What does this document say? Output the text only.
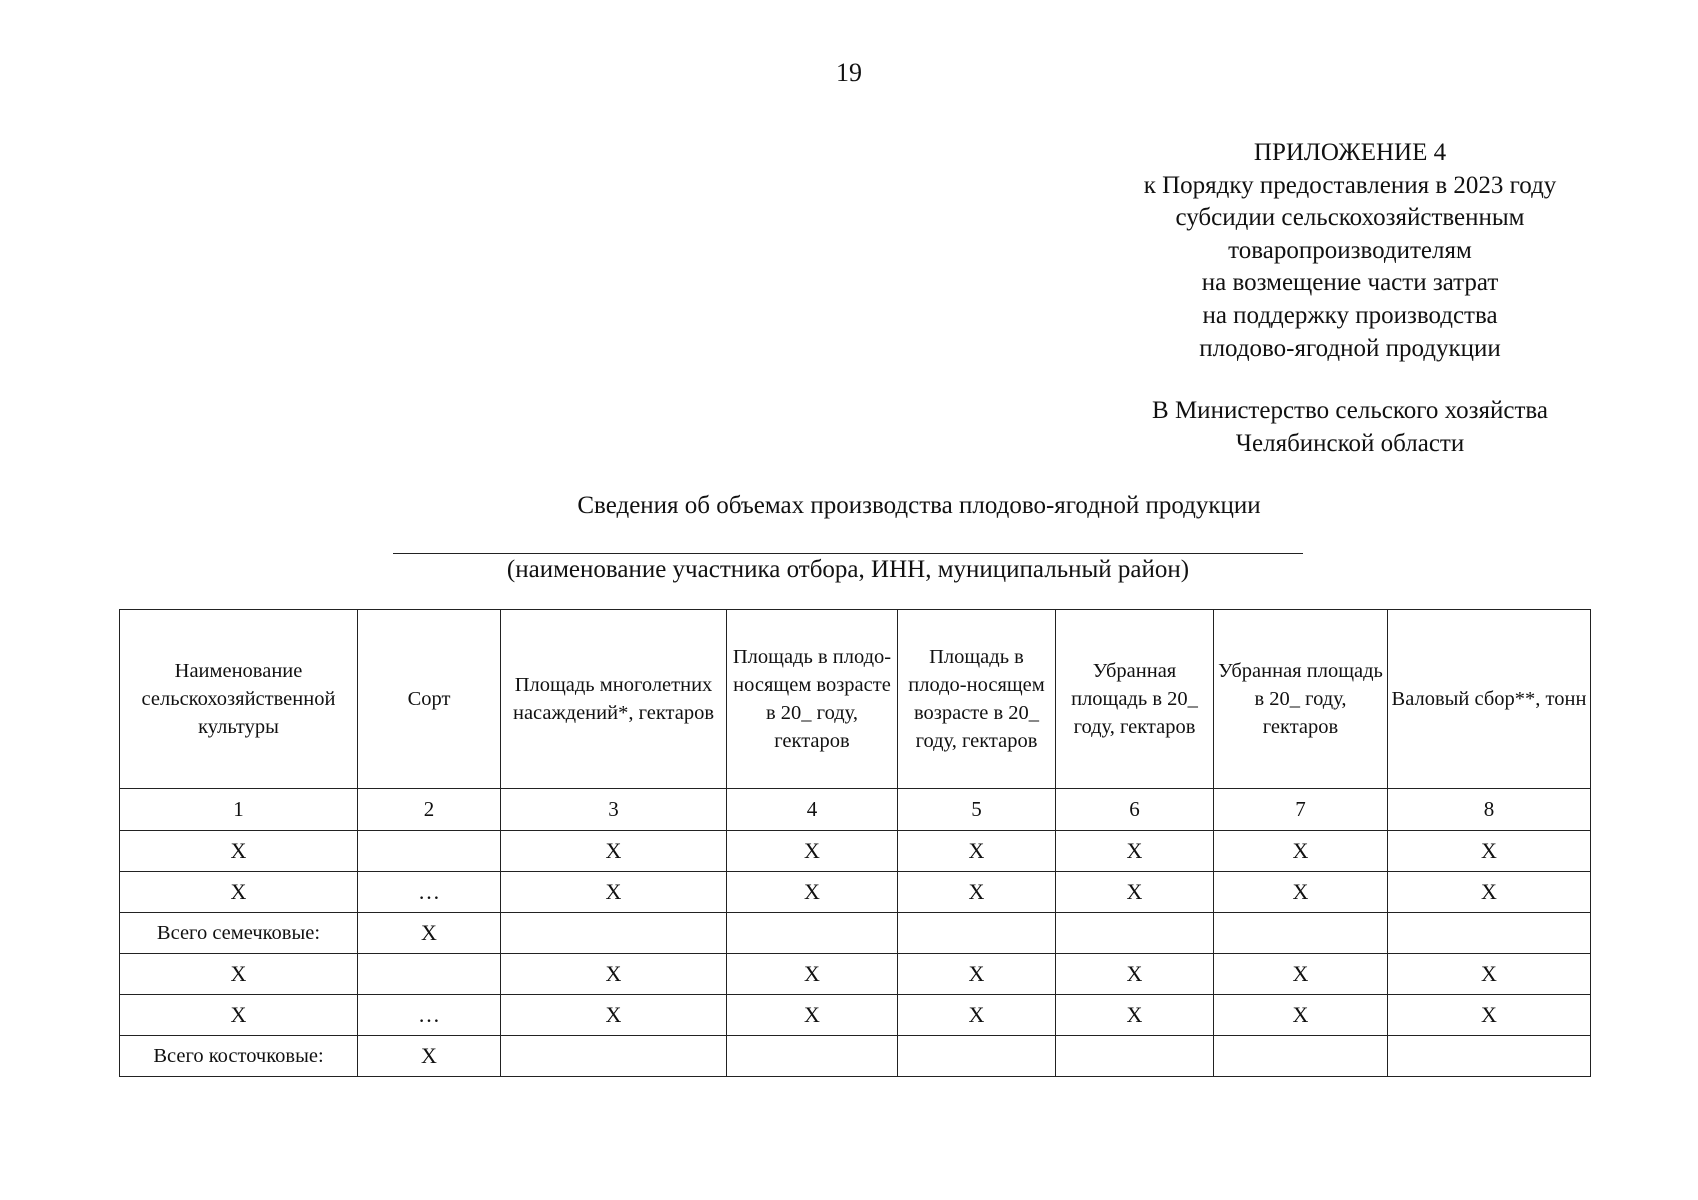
19
ПРИЛОЖЕНИЕ 4
к Порядку предоставления в 2023 году
субсидии сельскохозяйственным
товаропроизводителям
на возмещение части затрат
на поддержку производства
плодово-ягодной продукции
В Министерство сельского хозяйства
Челябинской области
Сведения об объемах производства плодово-ягодной продукции
(наименование участника отбора, ИНН, муниципальный район)
Наименование сельскохозяйственной культуры	Сорт	Площадь многолетних насаждений*, гектаров	Площадь в плодо-носящем возрасте в 20_ году, гектаров	Площадь в плодо-носящем возрасте в 20_ году, гектаров	Убранная площадь в 20_ году, гектаров	Убранная площадь в 20_ году, гектаров	Валовый сбор**, тонн
1	2	3	4	5	6	7	8
X		X	X	X	X	X	X
X	…	X	X	X	X	X	X
Всего семечковые:	X						
X		X	X	X	X	X	X
X	…	X	X	X	X	X	X
Всего косточковые:	X						
